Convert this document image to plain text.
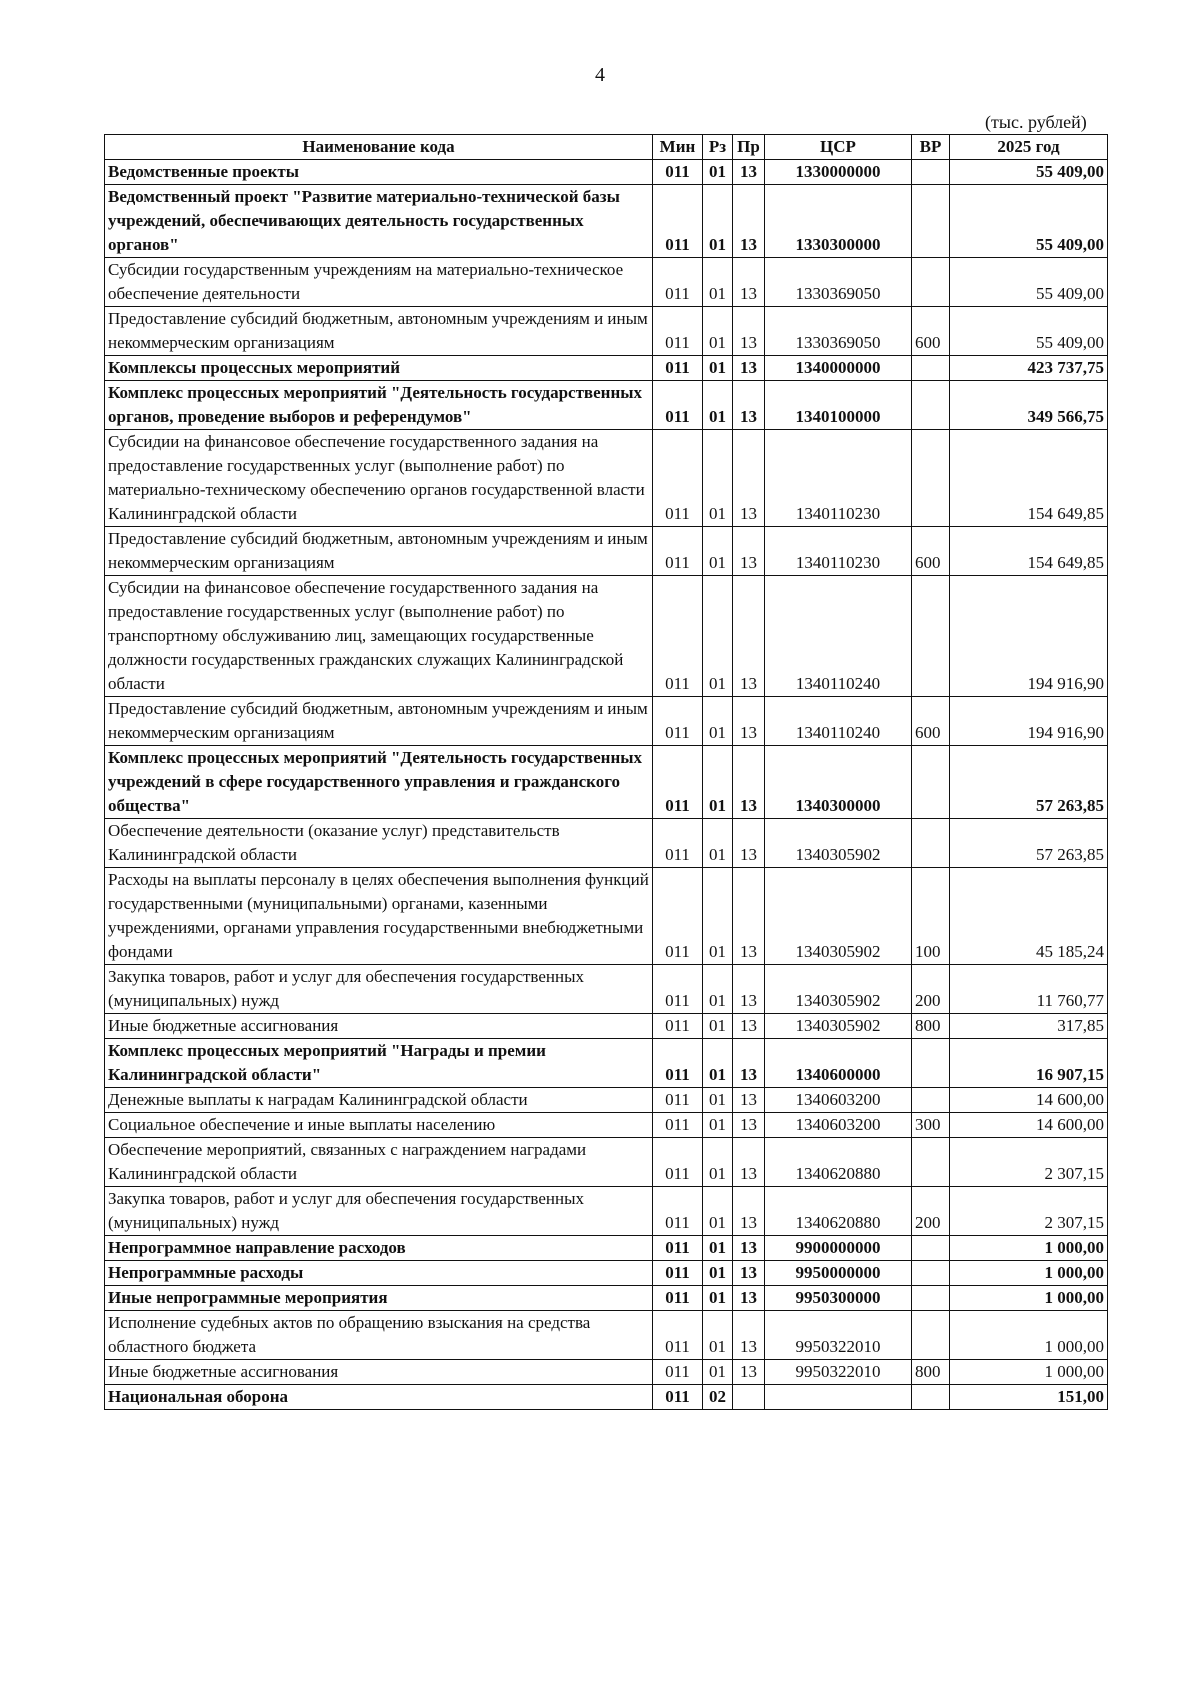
4
(тыс. рублей)
Наименование кода	Мин	Рз	Пр	ЦСР	ВР	2025 год
Ведомственные проекты	011	01	13	1330000000		55 409,00
Ведомственный проект "Развитие материально-технической базы учреждений, обеспечивающих деятельность государственных органов"	011	01	13	1330300000		55 409,00
Субсидии государственным учреждениям на материально-техническое обеспечение деятельности	011	01	13	1330369050		55 409,00
Предоставление субсидий бюджетным, автономным учреждениям и иным некоммерческим организациям	011	01	13	1330369050	600	55 409,00
Комплексы процессных мероприятий	011	01	13	1340000000		423 737,75
Комплекс процессных мероприятий "Деятельность государственных органов, проведение выборов и референдумов"	011	01	13	1340100000		349 566,75
Субсидии на финансовое обеспечение государственного задания на предоставление государственных услуг (выполнение работ) по материально-техническому обеспечению органов государственной власти Калининградской области	011	01	13	1340110230		154 649,85
Предоставление субсидий бюджетным, автономным учреждениям и иным некоммерческим организациям	011	01	13	1340110230	600	154 649,85
Субсидии на финансовое обеспечение государственного задания на предоставление государственных услуг (выполнение работ) по транспортному обслуживанию лиц, замещающих государственные должности государственных гражданских служащих Калининградской области	011	01	13	1340110240		194 916,90
Предоставление субсидий бюджетным, автономным учреждениям и иным некоммерческим организациям	011	01	13	1340110240	600	194 916,90
Комплекс процессных мероприятий "Деятельность государственных учреждений в сфере государственного управления и гражданского общества"	011	01	13	1340300000		57 263,85
Обеспечение деятельности (оказание услуг) представительств Калининградской области	011	01	13	1340305902		57 263,85
Расходы на выплаты персоналу в целях обеспечения выполнения функций государственными (муниципальными) органами, казенными учреждениями, органами управления государственными внебюджетными фондами	011	01	13	1340305902	100	45 185,24
Закупка товаров, работ и услуг для обеспечения государственных (муниципальных) нужд	011	01	13	1340305902	200	11 760,77
Иные бюджетные ассигнования	011	01	13	1340305902	800	317,85
Комплекс процессных мероприятий "Награды и премии Калининградской области"	011	01	13	1340600000		16 907,15
Денежные выплаты к наградам Калининградской области	011	01	13	1340603200		14 600,00
Социальное обеспечение и иные выплаты населению	011	01	13	1340603200	300	14 600,00
Обеспечение мероприятий, связанных с награждением наградами Калининградской области	011	01	13	1340620880		2 307,15
Закупка товаров, работ и услуг для обеспечения государственных (муниципальных) нужд	011	01	13	1340620880	200	2 307,15
Непрограммное направление расходов	011	01	13	9900000000		1 000,00
Непрограммные расходы	011	01	13	9950000000		1 000,00
Иные непрограммные мероприятия	011	01	13	9950300000		1 000,00
Исполнение судебных актов по обращению взыскания на средства областного бюджета	011	01	13	9950322010		1 000,00
Иные бюджетные ассигнования	011	01	13	9950322010	800	1 000,00
Национальная оборона	011	02				151,00
